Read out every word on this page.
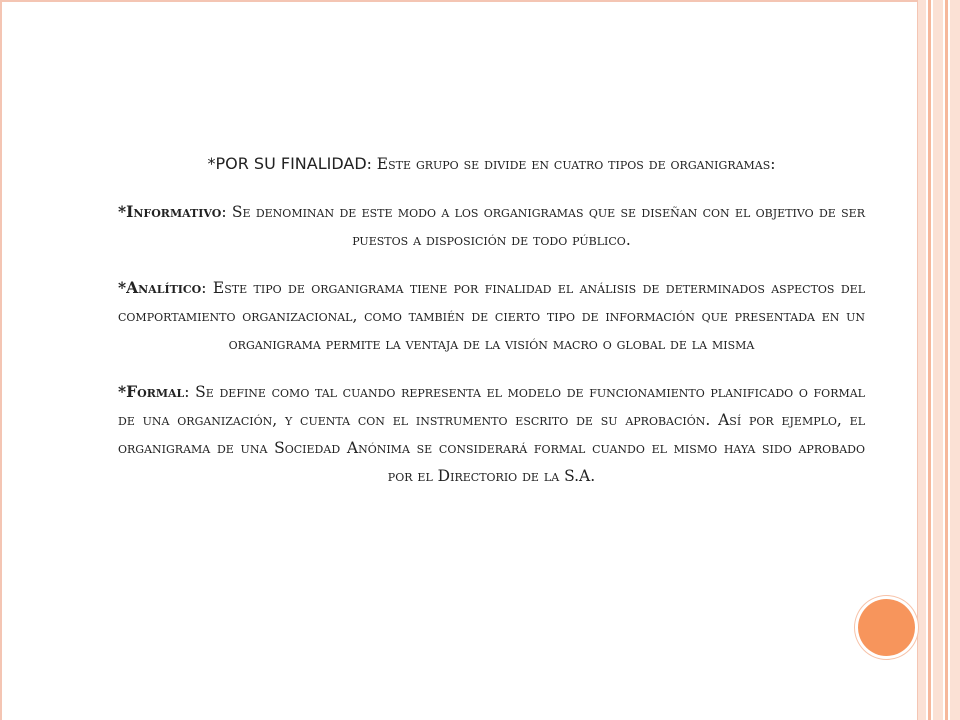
*POR SU FINALIDAD: Este grupo se divide en cuatro tipos de organigramas:

*Informativo: Se denominan de este modo a los organigramas que se diseñan con el objetivo de ser puestos a disposición de todo público.

*Analítico: Este tipo de organigrama tiene por finalidad el análisis de determinados aspectos del comportamiento organizacional, como también de cierto tipo de información que presentada en un organigrama permite la ventaja de la visión macro o global de la misma

*Formal: Se define como tal cuando representa el modelo de funcionamiento planificado o formal de una organización, y cuenta con el instrumento escrito de su aprobación. Así por ejemplo, el organigrama de una Sociedad Anónima se considerará formal cuando el mismo haya sido aprobado por el Directorio de la S.A.
